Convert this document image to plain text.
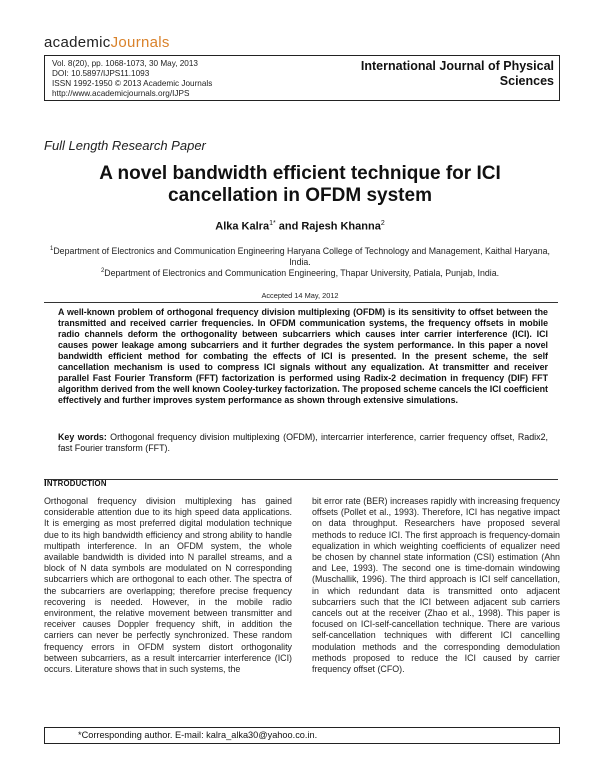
academicJournals
Vol. 8(20), pp. 1068-1073, 30 May, 2013
DOI: 10.5897/IJPS11.1093
ISSN 1992-1950 © 2013 Academic Journals
http://www.academicjournals.org/IJPS
International Journal of Physical
Sciences
Full Length Research Paper
A novel bandwidth efficient technique for ICI
cancellation in OFDM system
Alka Kalra$^{1*}$ and Rajesh Khanna$^2$
$^1$Department of Electronics and Communication Engineering Haryana College of Technology and Management, Kaithal Haryana, India.
$^2$Department of Electronics and Communication Engineering, Thapar University, Patiala, Punjab, India.
Accepted 14 May, 2012
A well-known problem of orthogonal frequency division multiplexing (OFDM) is its sensitivity to offset between the transmitted and received carrier frequencies. In OFDM communication systems, the frequency offsets in mobile radio channels deform the orthogonality between subcarriers which causes inter carrier interference (ICI). ICI causes power leakage among subcarriers and it further degrades the system performance. In this paper a novel bandwidth efficient method for combating the effects of ICI is presented. In the present scheme, the self cancellation mechanism is used to compress ICI signals without any equalization. At transmitter and receiver parallel Fast Fourier Transform (FFT) factorization is performed using Radix-2 decimation in frequency (DIF) FFT algorithm derived from the well known Cooley-turkey factorization. The proposed scheme cancels the ICI coefficient effectively and further improves system performance as shown through extensive simulations.
Key words: Orthogonal frequency division multiplexing (OFDM), intercarrier interference, carrier frequency offset, Radix2, fast Fourier transform (FFT).
INTRODUCTION
Orthogonal frequency division multiplexing has gained considerable attention due to its high speed data applications. It is emerging as most preferred digital modulation technique due to its high bandwidth efficiency and strong ability to handle multipath interference. In an OFDM system, the whole available bandwidth is divided into N parallel streams, and a block of N data symbols are modulated on N corresponding subcarriers which are orthogonal to each other. The spectra of the subcarriers are overlapping; therefore precise frequency recovering is needed. However, in the mobile radio environment, the relative movement between transmitter and receiver causes Doppler frequency shift, in addition the carriers can never be perfectly synchronized. These random frequency errors in OFDM system distort orthogonality between subcarriers, as a result intercarrier interference (ICI) occurs. Literature shows that in such systems, the
bit error rate (BER) increases rapidly with increasing frequency offsets (Pollet et al., 1993). Therefore, ICI has negative impact on data throughput. Researchers have proposed several methods to reduce ICI. The first approach is frequency-domain equalization in which weighting coefficients of equalizer need be chosen by channel state information (CSI) estimation (Ahn and Lee, 1993). The second one is time-domain windowing (Muschallik, 1996). The third approach is ICI self cancellation, in which redundant data is transmitted onto adjacent subcarriers such that the ICI between adjacent sub carriers cancels out at the receiver (Zhao et al., 1998). This paper is focused on ICI-self-cancellation technique. There are various self-cancellation techniques with different ICI cancelling modulation methods and the corresponding demodulation methods proposed to reduce the ICI caused by carrier frequency offset (CFO).
*Corresponding author. E-mail: kalra_alka30@yahoo.co.in.
